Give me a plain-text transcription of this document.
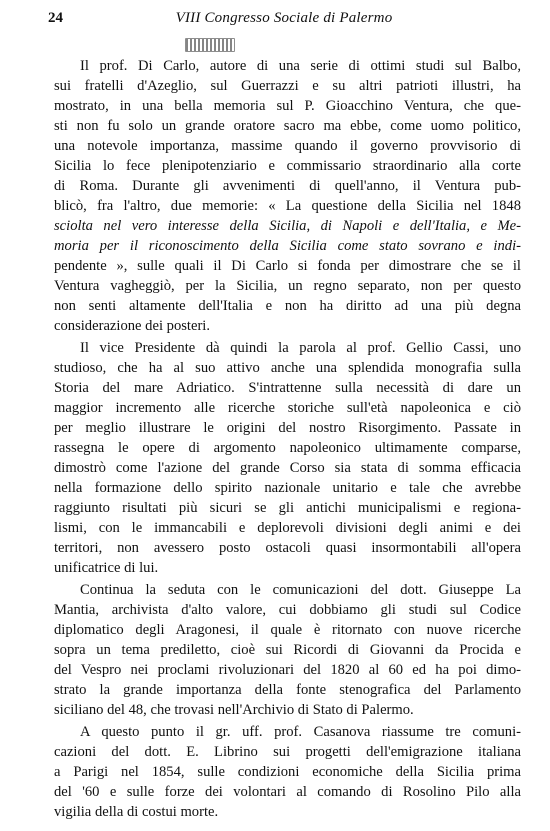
24	VIII Congresso Sociale di Palermo
Il prof. Di Carlo, autore di una serie di ottimi studi sul Balbo,
sui fratelli d'Azeglio, sul Guerrazzi e su altri patrioti illustri, ha
mostrato, in una bella memoria sul P. Gioacchino Ventura, che que-
sti non fu solo un grande oratore sacro ma ebbe, come uomo politico,
una notevole importanza, massime quando il governo provvisorio di
Sicilia lo fece plenipotenziario e commissario straordinario alla corte
di Roma. Durante gli avvenimenti di quell'anno, il Ventura pub-
blicò, fra l'altro, due memorie: « La questione della Sicilia nel 1848
sciolta nel vero interesse della Sicilia, di Napoli e dell'Italia, e Me-
moria per il riconoscimento della Sicilia come stato sovrano e indi-
pendente », sulle quali il Di Carlo si fonda per dimostrare che se il
Ventura vagheggiò, per la Sicilia, un regno separato, non per questo
non senti altamente dell'Italia e non ha diritto ad una più degna
considerazione dei posteri.
Il vice Presidente dà quindi la parola al prof. Gellio Cassi, uno
studioso, che ha al suo attivo anche una splendida monografia sulla
Storia del mare Adriatico. S'intrattenne sulla necessità di dare un
maggior incremento alle ricerche storiche sull'età napoleonica e ciò
per meglio illustrare le origini del nostro Risorgimento. Passate in
rassegna le opere di argomento napoleonico ultimamente comparse,
dimostrò come l'azione del grande Corso sia stata di somma efficacia
nella formazione dello spirito nazionale unitario e tale che avrebbe
raggiunto risultati più sicuri se gli antichi municipalismi e regiona-
lismi, con le immancabili e deplorevoli divisioni degli animi e dei
territori, non avessero posto ostacoli quasi insormontabili all'opera
unificatrice di lui.
Continua la seduta con le comunicazioni del dott. Giuseppe La
Mantia, archivista d'alto valore, cui dobbiamo gli studi sul Codice
diplomatico degli Aragonesi, il quale è ritornato con nuove ricerche
sopra un tema prediletto, cioè sui Ricordi di Giovanni da Procida e
del Vespro nei proclami rivoluzionari del 1820 al 60 ed ha poi dimo-
strato la grande importanza della fonte stenografica del Parlamento
siciliano del 48, che trovasi nell'Archivio di Stato di Palermo.
A questo punto il gr. uff. prof. Casanova riassume tre comuni-
cazioni del dott. E. Librino sui progetti dell'emigrazione italiana
a Parigi nel 1854, sulle condizioni economiche della Sicilia prima
del '60 e sulle forze dei volontari al comando di Rosolino Pilo alla
vigilia della di costui morte.
